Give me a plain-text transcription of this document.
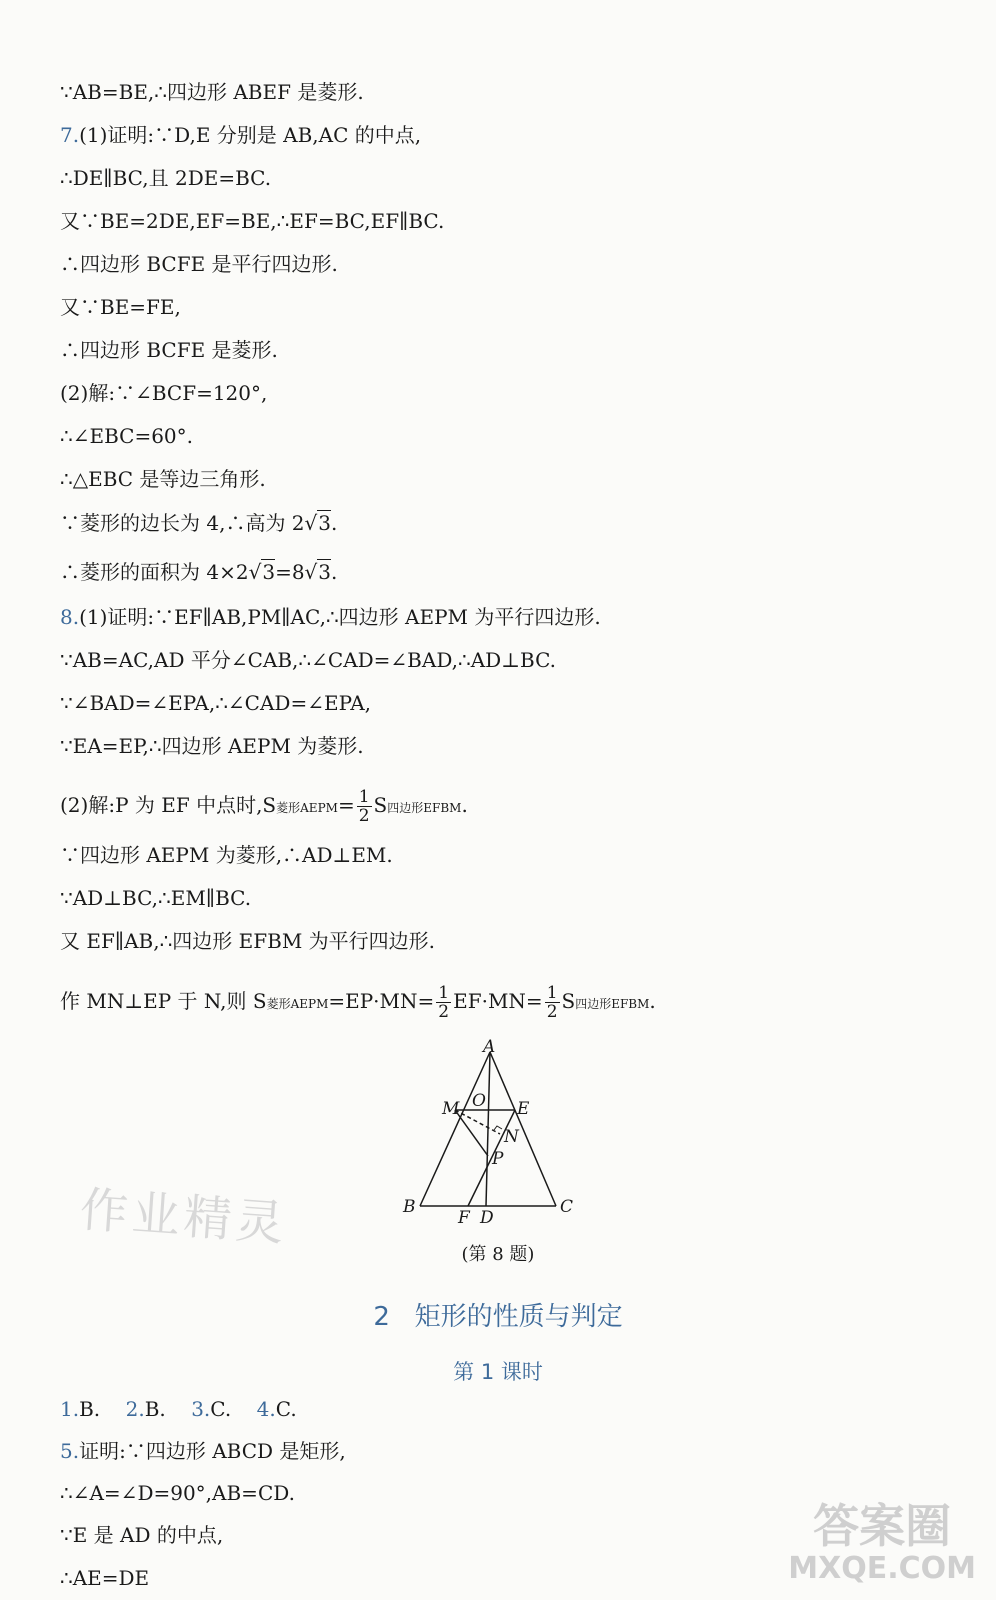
∵AB=BE,∴四边形 ABEF 是菱形.
7.(1)证明:∵D,E 分别是 AB,AC 的中点,
∴DE∥BC,且 2DE=BC.
又∵BE=2DE,EF=BE,∴EF=BC,EF∥BC.
∴四边形 BCFE 是平行四边形.
又∵BE=FE,
∴四边形 BCFE 是菱形.
(2)解:∵∠BCF=120°,
∴∠EBC=60°.
∴△EBC 是等边三角形.
∵菱形的边长为 4,∴高为 2√3.
∴菱形的面积为 4×2√3=8√3.
8.(1)证明:∵EF∥AB,PM∥AC,∴四边形 AEPM 为平行四边形.
∵AB=AC,AD 平分∠CAB,∴∠CAD=∠BAD,∴AD⊥BC.
∵∠BAD=∠EPA,∴∠CAD=∠EPA,
∵EA=EP,∴四边形 AEPM 为菱形.
(2)解:P 为 EF 中点时,S菱形AEPM= $\frac{1}{2}$ S四边形EFBM.
∵四边形 AEPM 为菱形,∴AD⊥EM.
∵AD⊥BC,∴EM∥BC.
又 EF∥AB,∴四边形 EFBM 为平行四边形.
作 MN⊥EP 于 N,则 S菱形AEPM=EP·MN= $\frac{1}{2} EF\cdot MN= \frac{1}{2}$ S四边形EFBM.
A
M O E
N
P
B
F D
C
(第 8 题)
作业精灵
2 矩形的性质与判定
第 1 课时
1.B. 2.B. 3.C. 4.C.
5.证明:∵四边形 ABCD 是矩形,
∴∠A=∠D=90°,AB=CD.
∵E 是 AD 的中点,
∴AE=DE
答案圈
MXQE.COM
